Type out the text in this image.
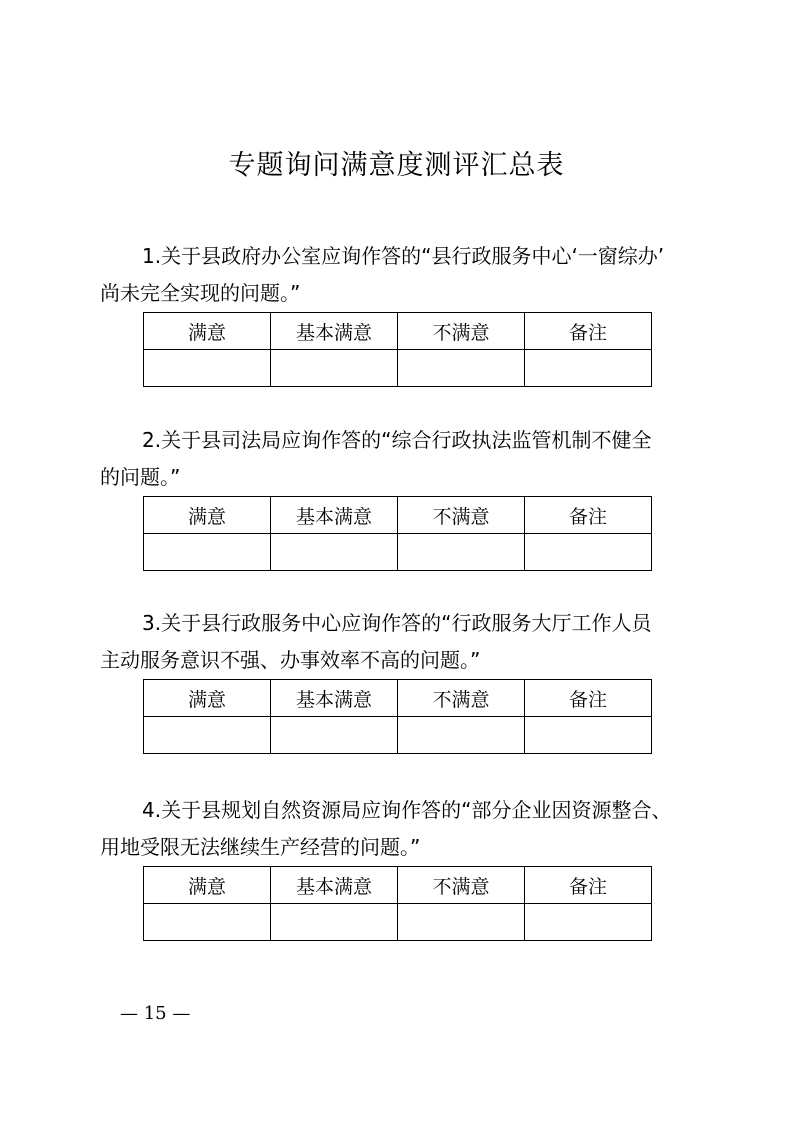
专题询问满意度测评汇总表

1.关于县政府办公室应询作答的“县行政服务中心‘一窗综办’

尚未完全实现的问题。”

满意	基本满意	不满意	备注

2.关于县司法局应询作答的“综合行政执法监管机制不健全

的问题。”

满意	基本满意	不满意	备注

3.关于县行政服务中心应询作答的“行政服务大厅工作人员

主动服务意识不强、办事效率不高的问题。”

满意	基本满意	不满意	备注

4.关于县规划自然资源局应询作答的“部分企业因资源整合、

用地受限无法继续生产经营的问题。”

满意	基本满意	不满意	备注

— 15 —
